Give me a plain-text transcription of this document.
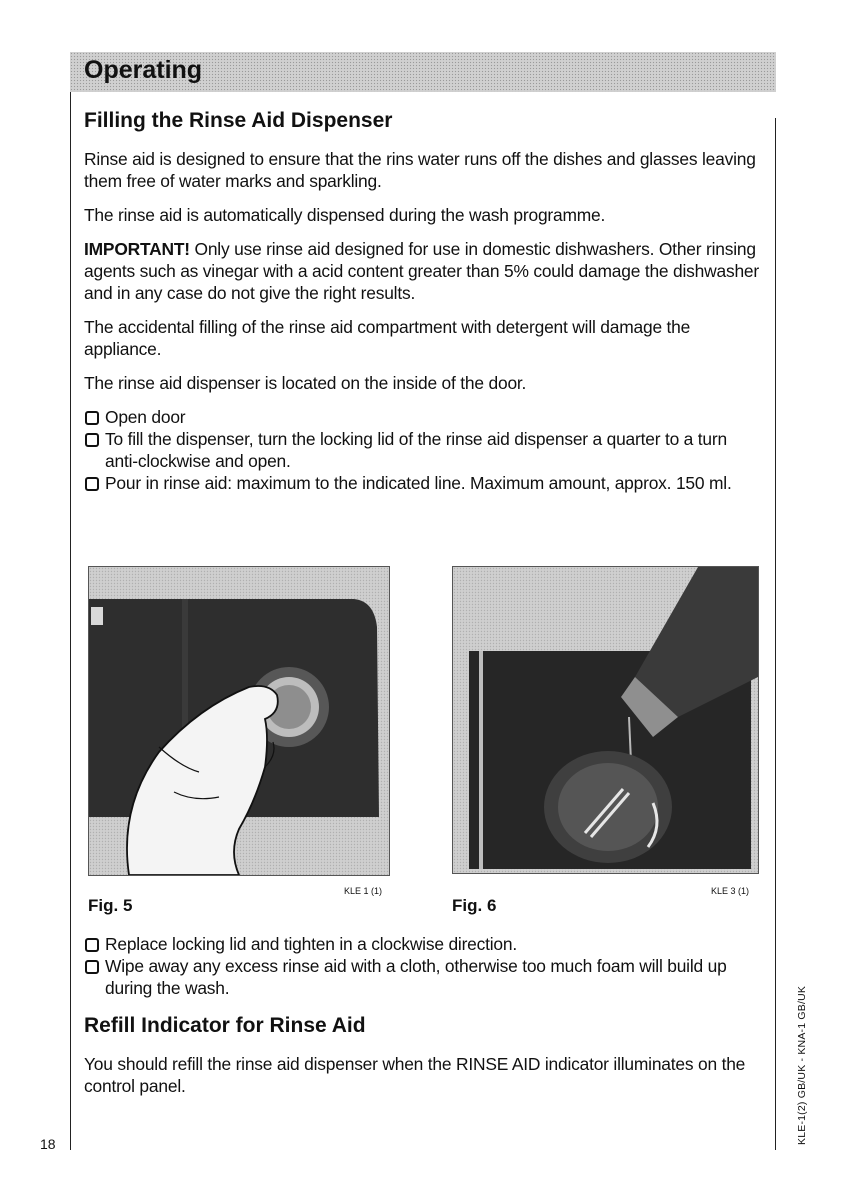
Operating
Filling the Rinse Aid Dispenser

Rinse aid is designed to ensure that the rins water runs off the dishes and glasses leaving them free of water marks and sparkling.

The rinse aid is automatically dispensed during the wash programme.

IMPORTANT! Only use rinse aid designed for use in domestic dishwashers. Other rinsing agents such as vinegar with a acid content greater than 5% could damage the dishwasher and in any case do not give the right results.

The accidental filling of the rinse aid compartment with detergent will damage the appliance.

The rinse aid dispenser is located on the inside of the door.

Open door
To fill the dispenser, turn the locking lid of the rinse aid dispenser a quarter to a turn anti-clockwise and open.
Pour in rinse aid: maximum to the indicated line. Maximum amount, approx. 150 ml.
Fig. 5
KLE 1 (1)
Fig. 6
KLE 3 (1)
Replace locking lid and tighten in a clockwise direction.
Wipe away any excess rinse aid with a cloth, otherwise too much foam will build up during the wash.
Refill Indicator for Rinse Aid

You should refill the rinse aid dispenser when the RINSE AID indicator illuminates on the control panel.

18	KLE-1(2) GB/UK - KNA-1 GB/UK
